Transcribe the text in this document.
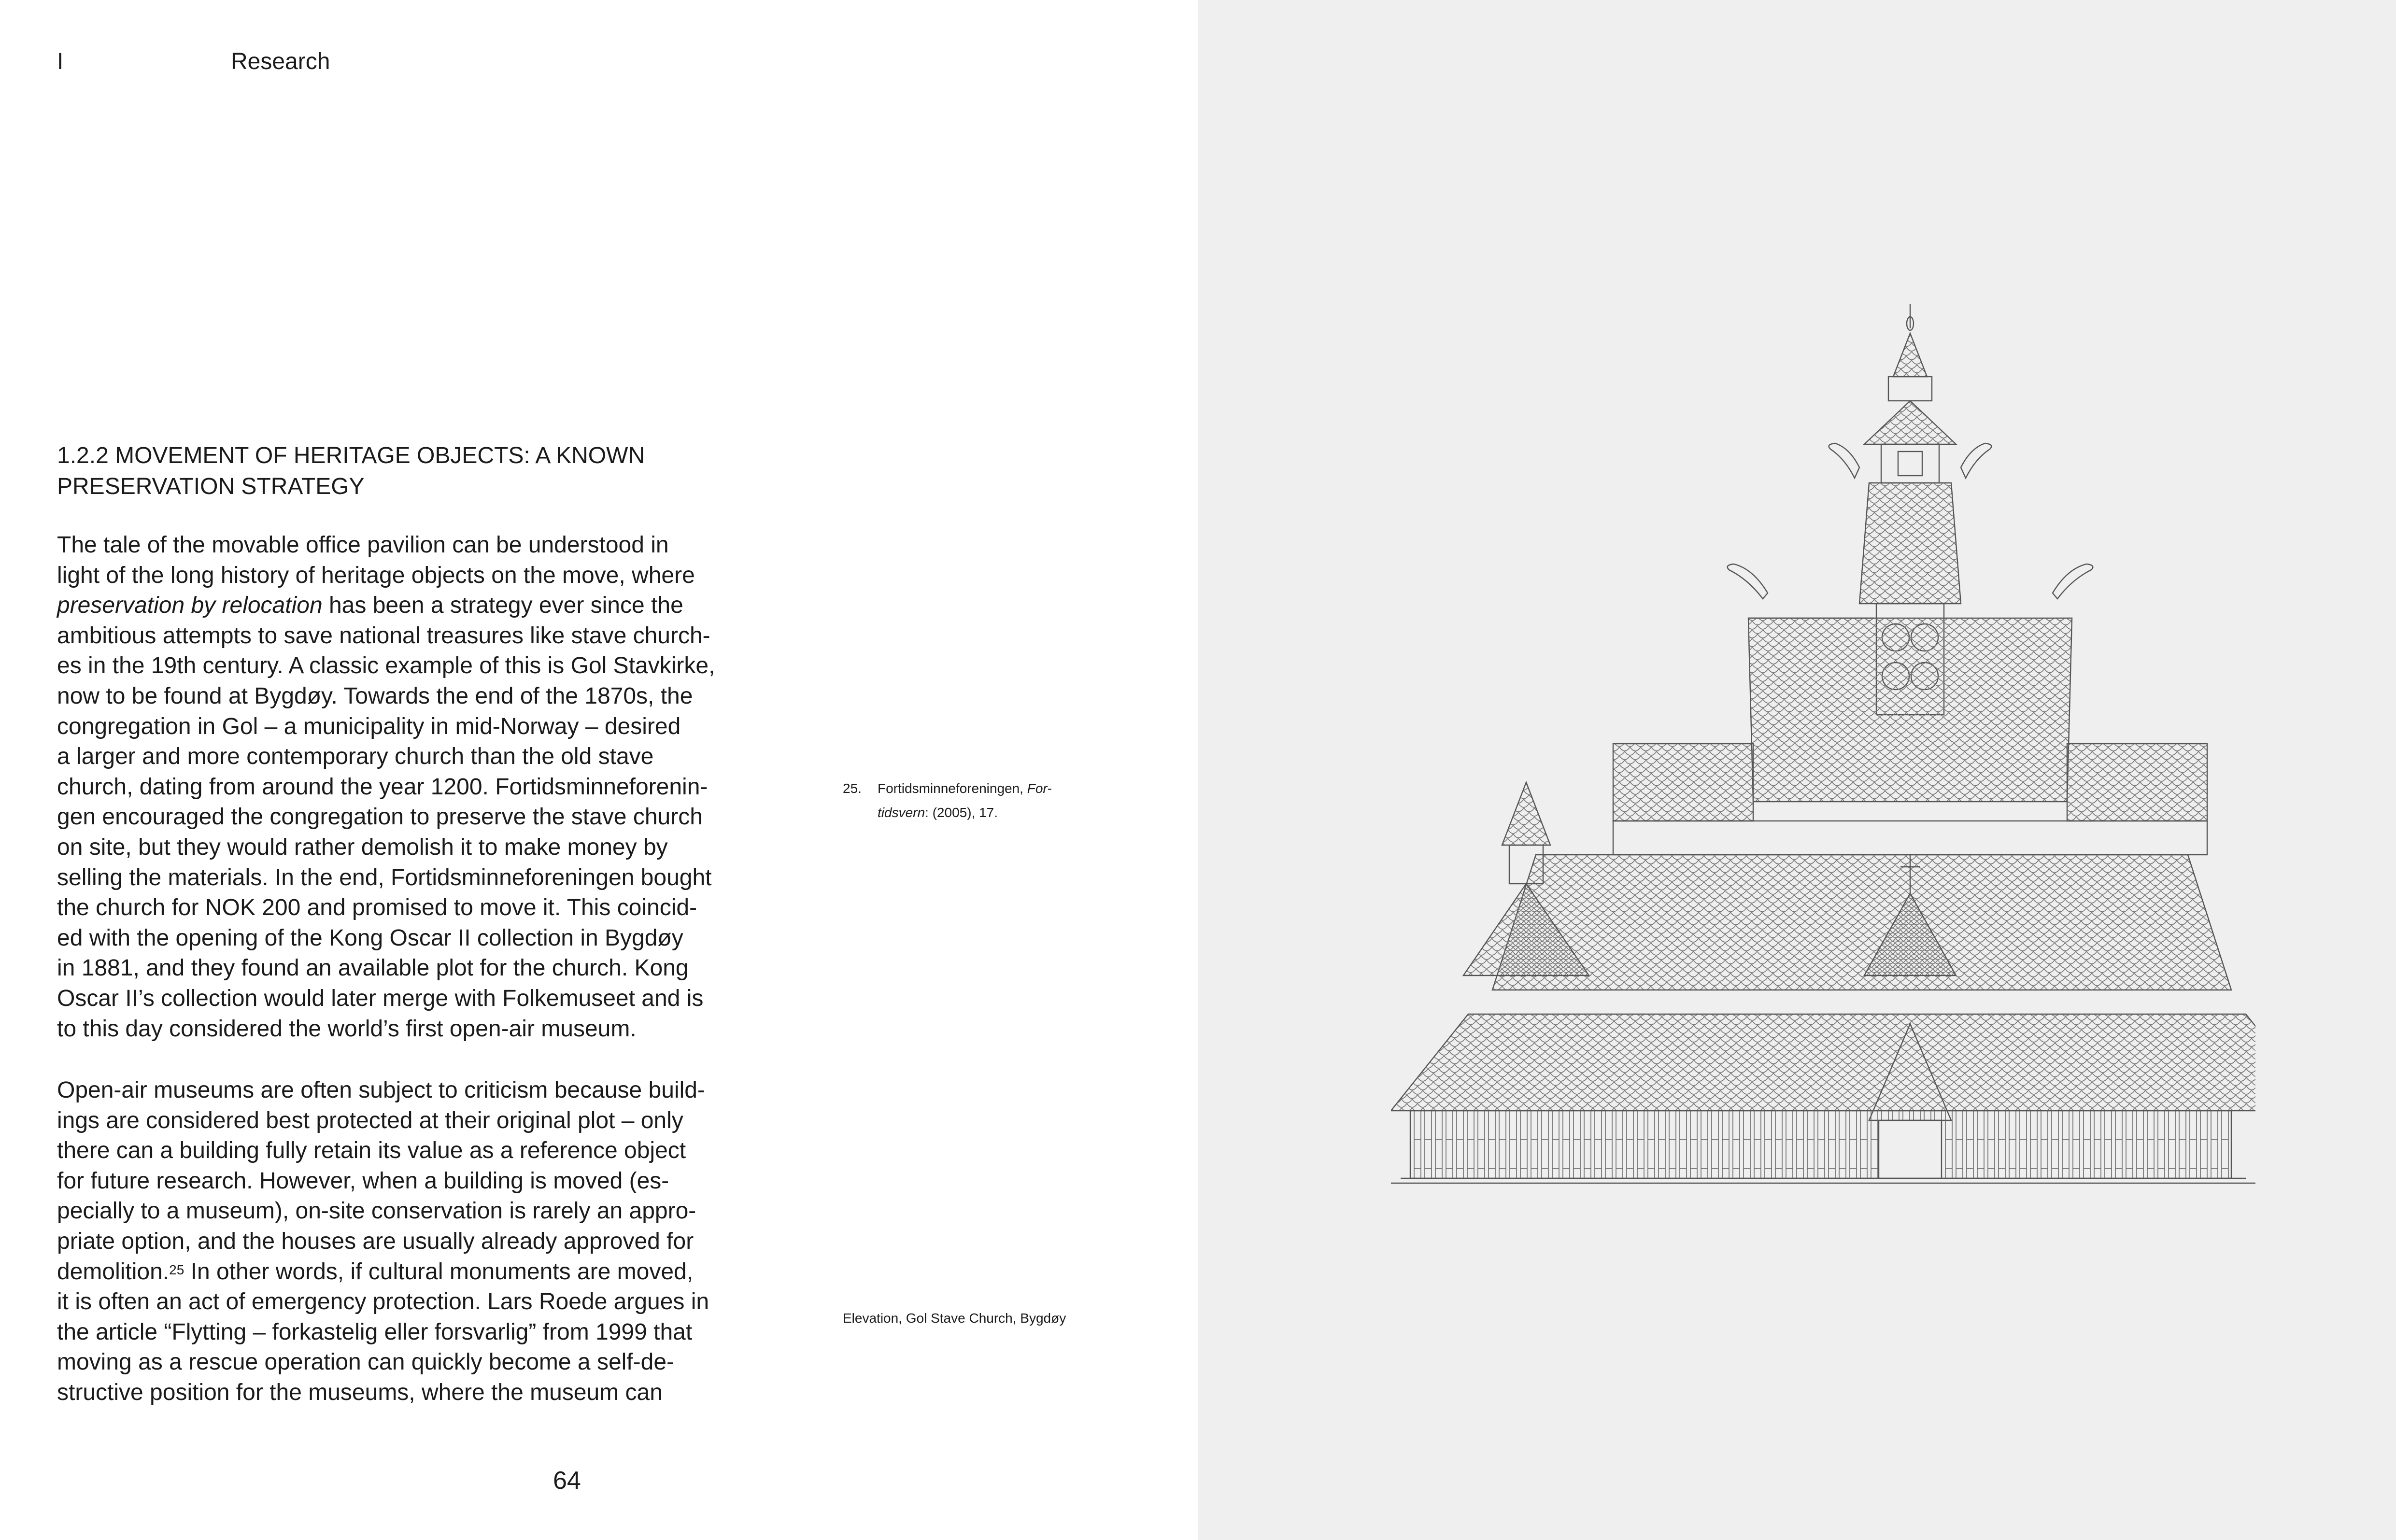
I	Research
1.2.2 MOVEMENT OF HERITAGE OBJECTS: A KNOWN
PRESERVATION STRATEGY
The tale of the movable office pavilion can be understood in
light of the long history of heritage objects on the move, where
preservation by relocation has been a strategy ever since the
ambitious attempts to save national treasures like stave church-
es in the 19th century. A classic example of this is Gol Stavkirke,
now to be found at Bygdøy. Towards the end of the 1870s, the
congregation in Gol – a municipality in mid-Norway – desired
a larger and more contemporary church than the old stave
church, dating from around the year 1200. Fortidsminneforenin-
gen encouraged the congregation to preserve the stave church
on site, but they would rather demolish it to make money by
selling the materials. In the end, Fortidsminneforeningen bought
the church for NOK 200 and promised to move it. This coincid-
ed with the opening of the Kong Oscar II collection in Bygdøy
in 1881, and they found an available plot for the church. Kong
Oscar II’s collection would later merge with Folkemuseet and is
to this day considered the world’s first open-air museum.
Open-air museums are often subject to criticism because build-
ings are considered best protected at their original plot – only
there can a building fully retain its value as a reference object
for future research. However, when a building is moved (es-
pecially to a museum), on-site conservation is rarely an appro-
priate option, and the houses are usually already approved for
demolition.$^{25}$ In other words, if cultural monuments are moved,
it is often an act of emergency protection. Lars Roede argues in
the article “Flytting – forkastelig eller forsvarlig” from 1999 that
moving as a rescue operation can quickly become a self-de-
structive position for the museums, where the museum can
25. Fortidsminneforeningen, For-
tidsvern: (2005), 17.
Elevation, Gol Stave Church, Bygdøy
64
